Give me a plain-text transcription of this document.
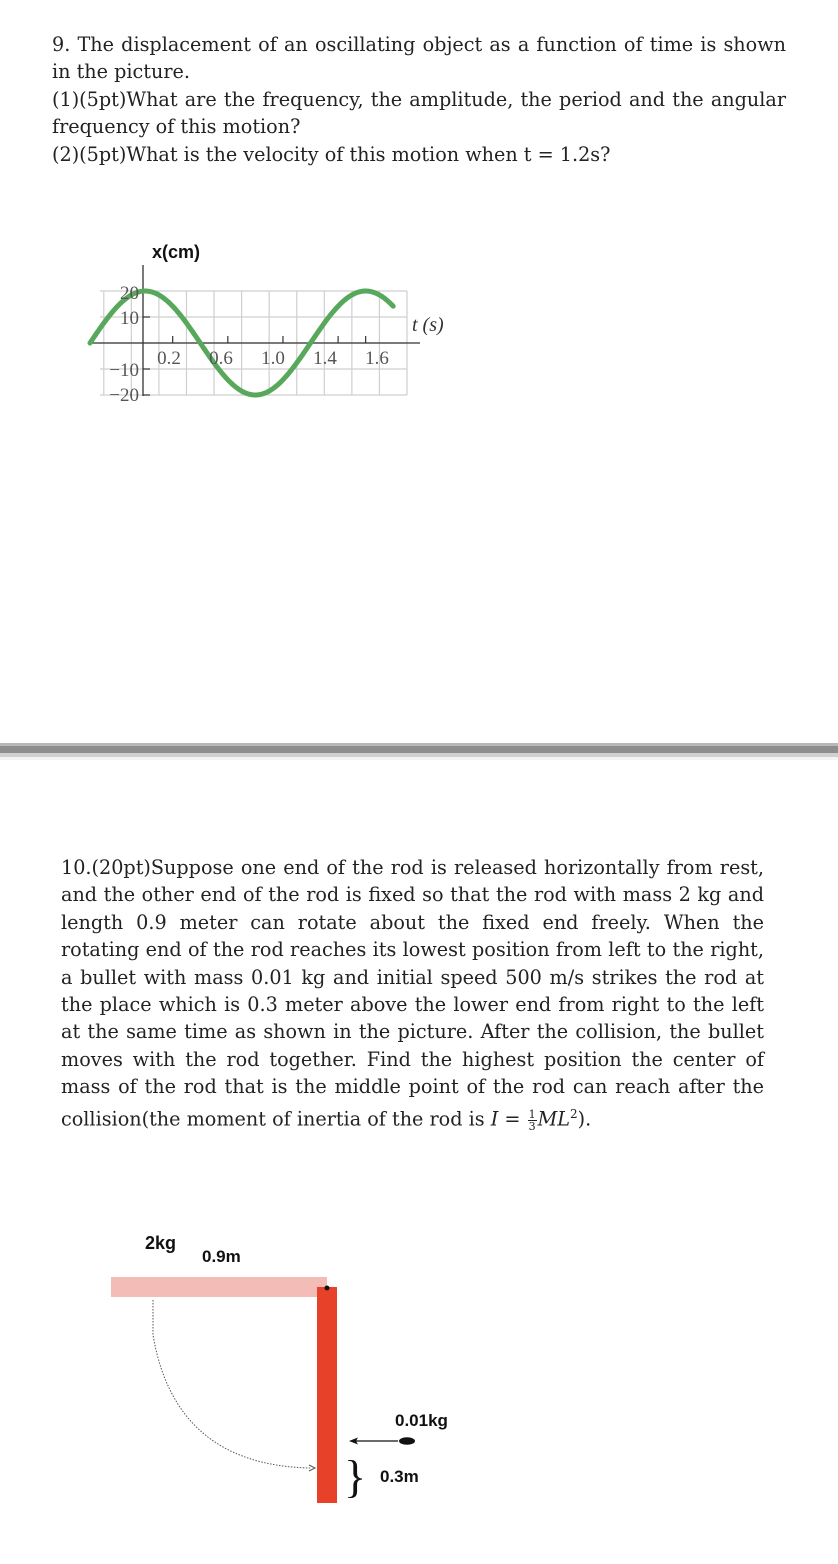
9. The displacement of an oscillating object as a function of time is shown in the picture.

(1)(5pt)What are the frequency, the amplitude, the period and the angular frequency of this motion?

(2)(5pt)What is the velocity of this motion when t = 1.2s?

x(cm)
t (s)
20
10
−10
−20
0.2 0.6 1.0 1.4 1.6

10.(20pt)Suppose one end of the rod is released horizontally from rest, and the other end of the rod is fixed so that the rod with mass 2 kg and length 0.9 meter can rotate about the fixed end freely. When the rotating end of the rod reaches its lowest position from left to the right, a bullet with mass 0.01 kg and initial speed 500 m/s strikes the rod at the place which is 0.3 meter above the lower end from right to the left at the same time as shown in the picture. After the collision, the bullet moves with the rod together. Find the highest position the center of mass of the rod that is the middle point of the rod can reach after the collision(the moment of inertia of the rod is $I = \frac{1}{3} ML^2$).

}
2kg
0.9m
0.01kg
0.3m
